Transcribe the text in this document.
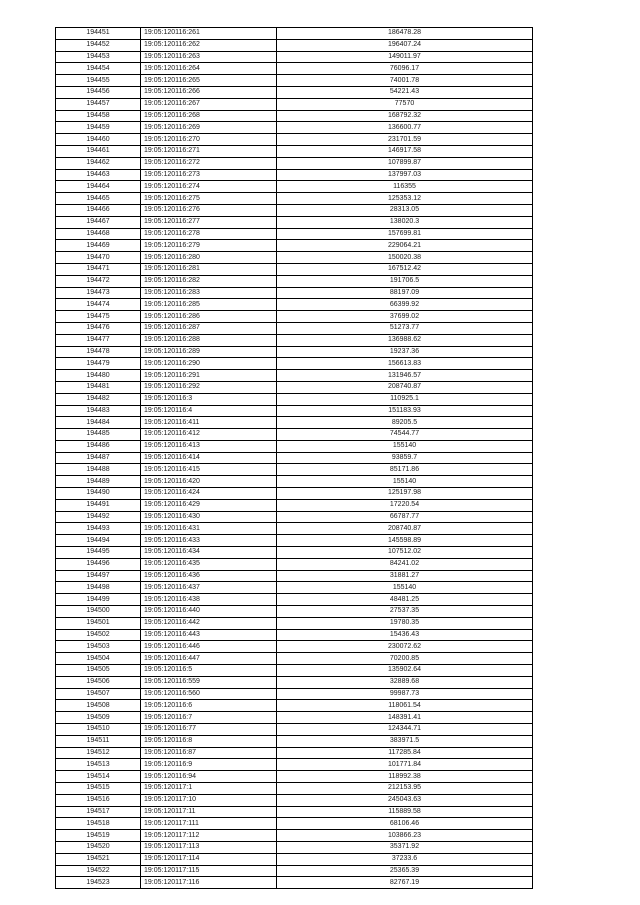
194451	19:05:120116:261	186478.28
194452	19:05:120116:262	196407.24
194453	19:05:120116:263	149011.97
194454	19:05:120116:264	76096.17
194455	19:05:120116:265	74001.78
194456	19:05:120116:266	54221.43
194457	19:05:120116:267	77570
194458	19:05:120116:268	168792.32
194459	19:05:120116:269	136600.77
194460	19:05:120116:270	231701.59
194461	19:05:120116:271	146917.58
194462	19:05:120116:272	107899.87
194463	19:05:120116:273	137997.03
194464	19:05:120116:274	116355
194465	19:05:120116:275	125353.12
194466	19:05:120116:276	28313.05
194467	19:05:120116:277	138020.3
194468	19:05:120116:278	157699.81
194469	19:05:120116:279	229064.21
194470	19:05:120116:280	150020.38
194471	19:05:120116:281	167512.42
194472	19:05:120116:282	191706.5
194473	19:05:120116:283	88197.09
194474	19:05:120116:285	66399.92
194475	19:05:120116:286	37699.02
194476	19:05:120116:287	51273.77
194477	19:05:120116:288	136988.62
194478	19:05:120116:289	19237.36
194479	19:05:120116:290	156613.83
194480	19:05:120116:291	131946.57
194481	19:05:120116:292	208740.87
194482	19:05:120116:3	110925.1
194483	19:05:120116:4	151183.93
194484	19:05:120116:411	89205.5
194485	19:05:120116:412	74544.77
194486	19:05:120116:413	155140
194487	19:05:120116:414	93859.7
194488	19:05:120116:415	85171.86
194489	19:05:120116:420	155140
194490	19:05:120116:424	125197.98
194491	19:05:120116:429	17220.54
194492	19:05:120116:430	66787.77
194493	19:05:120116:431	208740.87
194494	19:05:120116:433	145598.89
194495	19:05:120116:434	107512.02
194496	19:05:120116:435	84241.02
194497	19:05:120116:436	31881.27
194498	19:05:120116:437	155140
194499	19:05:120116:438	48481.25
194500	19:05:120116:440	27537.35
194501	19:05:120116:442	19780.35
194502	19:05:120116:443	15436.43
194503	19:05:120116:446	230072.62
194504	19:05:120116:447	70200.85
194505	19:05:120116:5	135902.64
194506	19:05:120116:559	32889.68
194507	19:05:120116:560	99987.73
194508	19:05:120116:6	118061.54
194509	19:05:120116:7	148391.41
194510	19:05:120116:77	124344.71
194511	19:05:120116:8	383971.5
194512	19:05:120116:87	117285.84
194513	19:05:120116:9	101771.84
194514	19:05:120116:94	118992.38
194515	19:05:120117:1	212153.95
194516	19:05:120117:10	245043.63
194517	19:05:120117:11	115889.58
194518	19:05:120117:111	68106.46
194519	19:05:120117:112	103866.23
194520	19:05:120117:113	35371.92
194521	19:05:120117:114	37233.6
194522	19:05:120117:115	25365.39
194523	19:05:120117:116	82767.19
